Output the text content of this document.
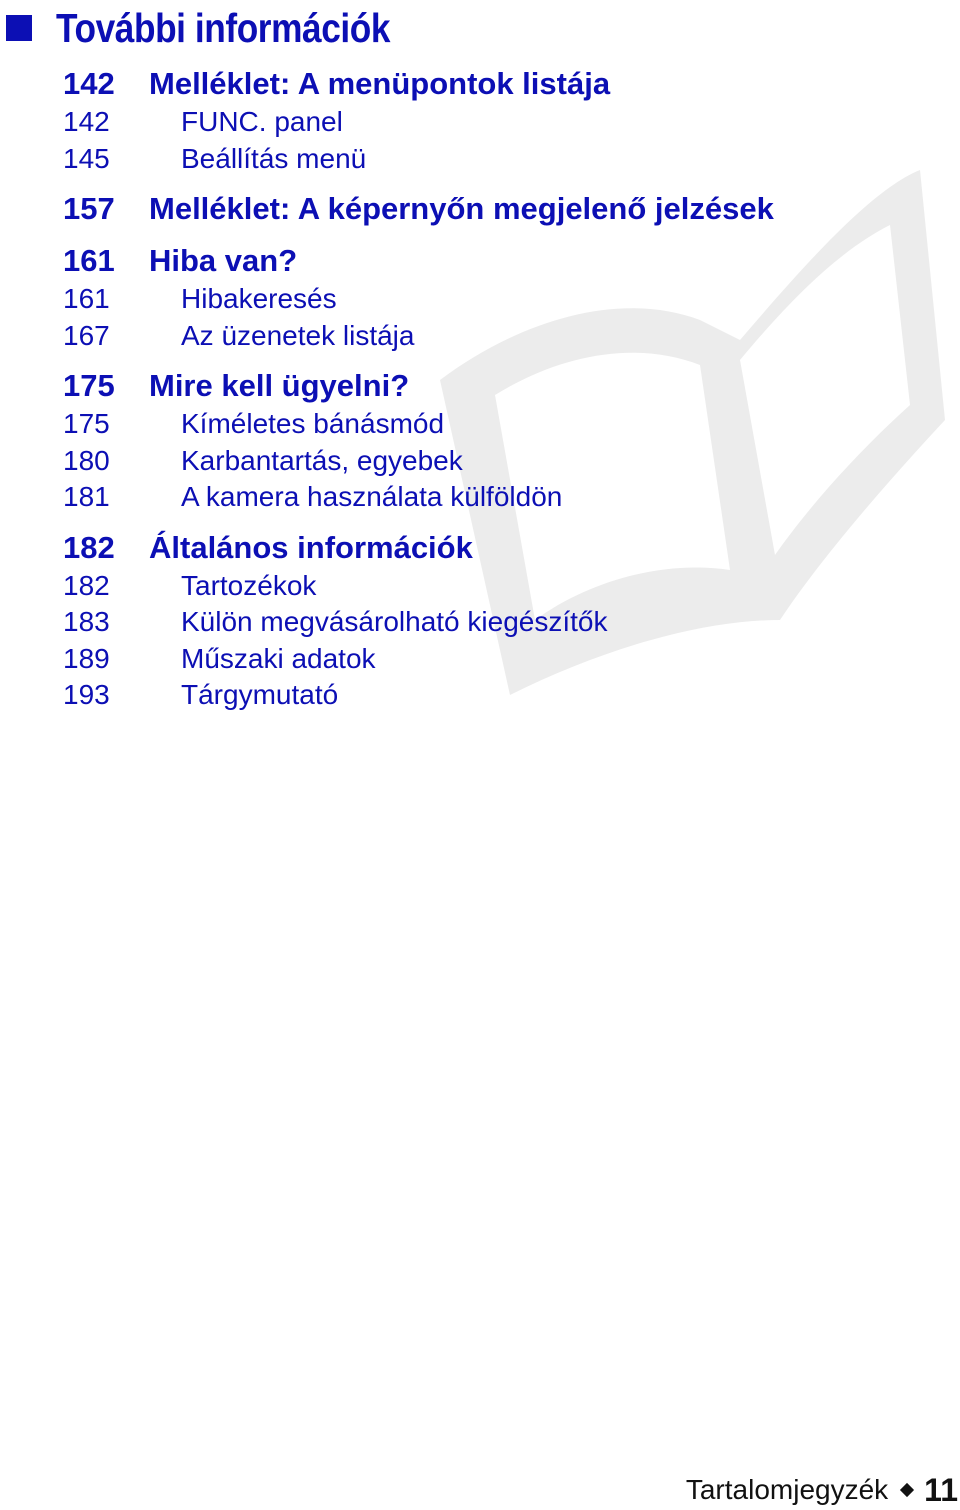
További információk
142	Melléklet: A menüpontok listája
142	FUNC. panel
145	Beállítás menü
157	Melléklet: A képernyőn megjelenő jelzések
161	Hiba van?
161	Hibakeresés
167	Az üzenetek listája
175	Mire kell ügyelni?
175	Kíméletes bánásmód
180	Karbantartás, egyebek
181	A kamera használata külföldön
182	Általános információk
182	Tartozékok
183	Külön megvásárolható kiegészítők
189	Műszaki adatok
193	Tárgymutató
Tartalomjegyzék 11
